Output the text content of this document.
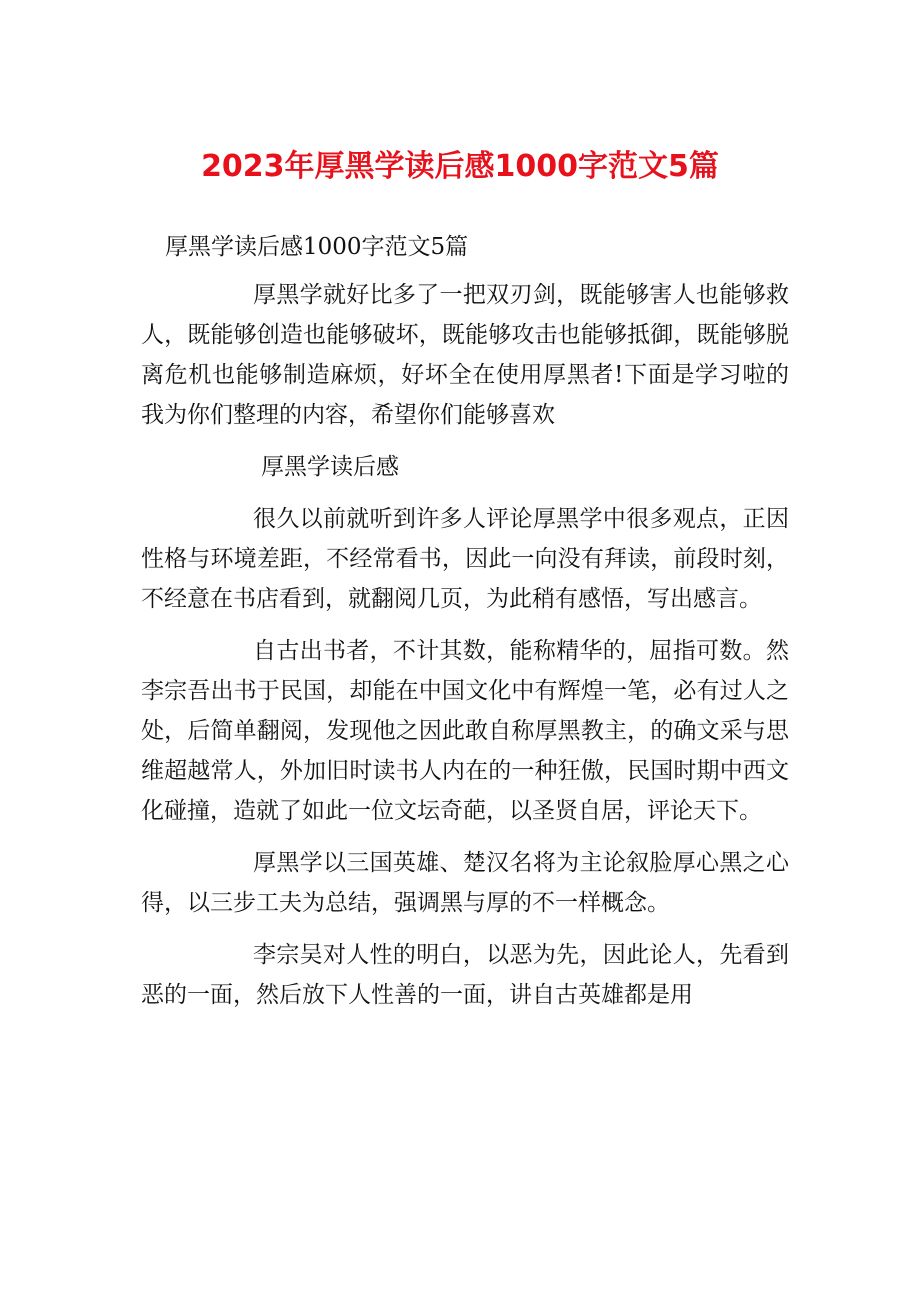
2023年厚黑学读后感1000字范文5篇

厚黑学读后感1000字范文5篇

厚黑学就好比多了一把双刃剑，既能够害人也能够救人，既能够创造也能够破坏，既能够攻击也能够抵御，既能够脱离危机也能够制造麻烦，好坏全在使用厚黑者!下面是学习啦的我为你们整理的内容，希望你们能够喜欢

厚黑学读后感

很久以前就听到许多人评论厚黑学中很多观点，正因性格与环境差距，不经常看书，因此一向没有拜读，前段时刻，不经意在书店看到，就翻阅几页，为此稍有感悟，写出感言。

自古出书者，不计其数，能称精华的，屈指可数。然李宗吾出书于民国，却能在中国文化中有辉煌一笔，必有过人之处，后简单翻阅，发现他之因此敢自称厚黑教主，的确文采与思维超越常人，外加旧时读书人内在的一种狂傲，民国时期中西文化碰撞，造就了如此一位文坛奇葩，以圣贤自居，评论天下。

厚黑学以三国英雄、楚汉名将为主论叙脸厚心黑之心得，以三步工夫为总结，强调黑与厚的不一样概念。

李宗吴对人性的明白，以恶为先，因此论人，先看到恶的一面，然后放下人性善的一面，讲自古英雄都是用
